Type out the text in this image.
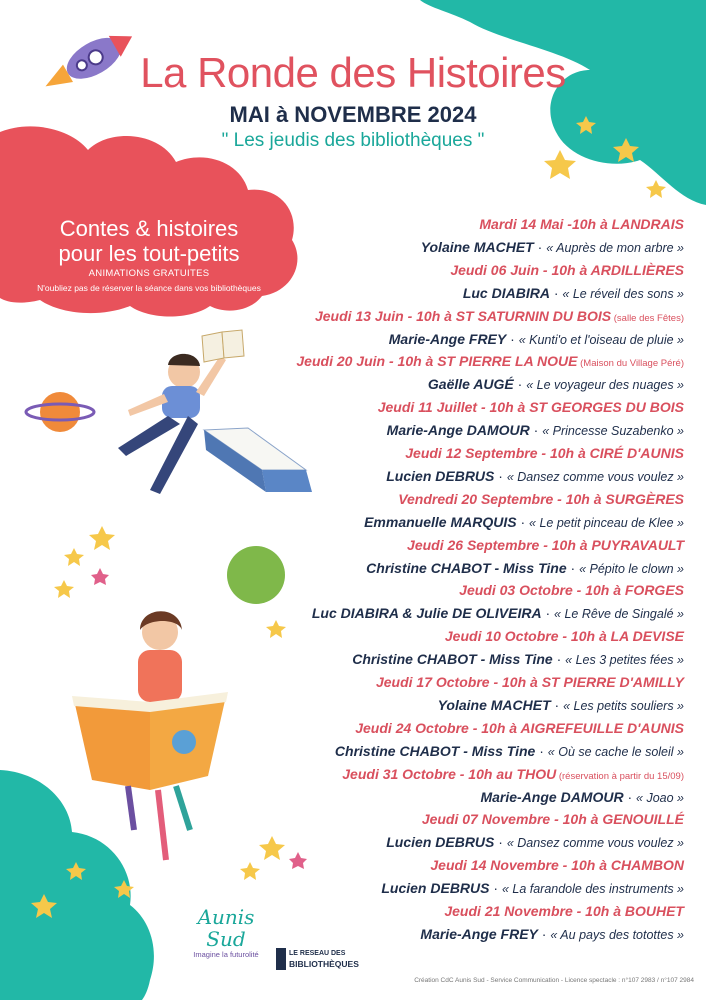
La Ronde des Histoires
MAI à NOVEMBRE 2024
" Les jeudis des bibliothèques "
Contes & histoires
pour les tout-petits
ANIMATIONS GRATUITES
N'oubliez pas de réserver la séance dans vos bibliothèques
Mardi 14 Mai -10h à LANDRAIS
Yolaine MACHET · « Auprès de mon arbre »
Jeudi 06 Juin - 10h à ARDILLIÈRES
Luc DIABIRA · « Le réveil des sons »
Jeudi 13 Juin - 10h à ST SATURNIN DU BOIS (salle des Fêtes)
Marie-Ange FREY · « Kunti'o et l'oiseau de pluie »
Jeudi 20 Juin - 10h à ST PIERRE LA NOUE (Maison du Village Péré)
Gaëlle AUGÉ · « Le voyageur des nuages »
Jeudi 11 Juillet - 10h à ST GEORGES DU BOIS
Marie-Ange DAMOUR · « Princesse Suzabenko »
Jeudi 12 Septembre - 10h à CIRÉ D'AUNIS
Lucien DEBRUS · « Dansez comme vous voulez »
Vendredi 20 Septembre - 10h à SURGÈRES
Emmanuelle MARQUIS · « Le petit pinceau de Klee »
Jeudi 26 Septembre - 10h à PUYRAVAULT
Christine CHABOT - Miss Tine · « Pépito le clown »
Jeudi 03 Octobre - 10h à FORGES
Luc DIABIRA & Julie DE OLIVEIRA · « Le Rêve de Singalé »
Jeudi 10 Octobre - 10h à LA DEVISE
Christine CHABOT - Miss Tine · « Les 3 petites fées »
Jeudi 17 Octobre - 10h à ST PIERRE D'AMILLY
Yolaine MACHET · « Les petits souliers »
Jeudi 24 Octobre - 10h à AIGREFEUILLE D'AUNIS
Christine CHABOT - Miss Tine · « Où se cache le soleil »
Jeudi 31 Octobre - 10h au THOU (réservation à partir du 15/09)
Marie-Ange DAMOUR · « Joao »
Jeudi 07 Novembre - 10h à GENOUILLÉ
Lucien DEBRUS · « Dansez comme vous voulez »
Jeudi 14 Novembre - 10h à CHAMBON
Lucien DEBRUS · « La farandole des instruments »
Jeudi 21 Novembre - 10h à BOUHET
Marie-Ange FREY · « Au pays des totottes »
Aunis Sud
Imagine la futurolité	LE RESEAU DES
BIBLIOTHÈQUES
Création CdC Aunis Sud - Service Communication - Licence spectacle : n°107 2983 / n°107 2984
